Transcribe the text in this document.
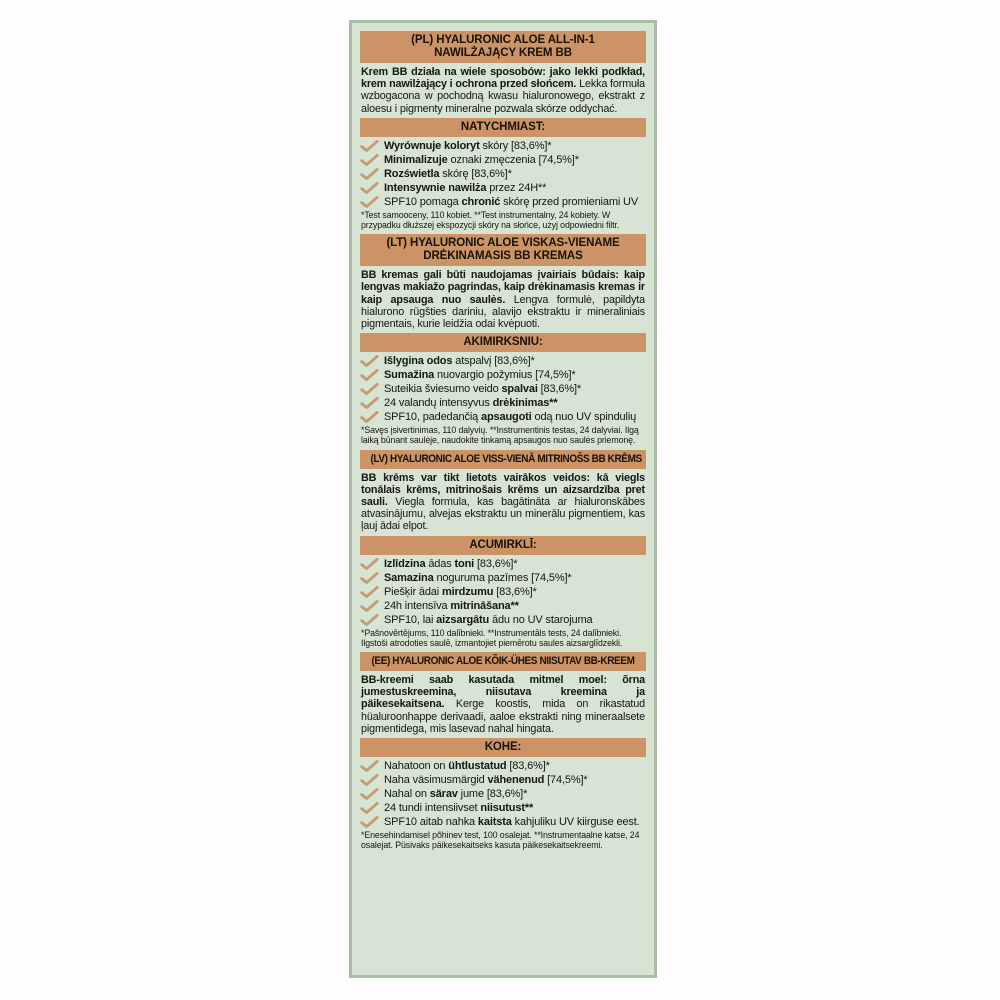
(PL) HYALURONIC ALOE ALL-IN-1
NAWILŻAJĄCY KREM BB

Krem BB działa na wiele sposobów: jako lekki podkład, krem nawilżający i ochrona przed słońcem. Lekka formuła wzbogacona w pochodną kwasu hialuronowego, ekstrakt z aloesu i pigmenty mineralne pozwala skórze oddychać.

NATYCHMIAST:
Wyrównuje koloryt skóry [83,6%]*
Minimalizuje oznaki zmęczenia [74,5%]*
Rozświetla skórę [83,6%]*
Intensywnie nawilża przez 24H**
SPF10 pomaga chronić skórę przed promieniami UV

*Test samooceny, 110 kobiet. **Test instrumentalny, 24 kobiety. W przypadku dłuższej ekspozycji skóry na słońce, użyj odpowiedni filtr.

(LT) HYALURONIC ALOE VISKAS-VIENAME
DRĖKINAMASIS BB KREMAS

BB kremas gali būti naudojamas įvairiais būdais: kaip lengvas makiažo pagrindas, kaip drėkinamasis kremas ir kaip apsauga nuo saulės. Lengva formulė, papildyta hialurono rūgšties dariniu, alavijo ekstraktu ir mineraliniais pigmentais, kurie leidžia odai kvėpuoti.

AKIMIRKSNIU:
Išlygina odos atspalvį [83,6%]*
Sumažina nuovargio požymius [74,5%]*
Suteikia šviesumo veido spalvai [83,6%]*
24 valandų intensyvus drėkinimas**
SPF10, padedančią apsaugoti odą nuo UV spindulių

*Savęs įsivertinimas, 110 dalyvių. **Instrumentinis testas, 24 dalyviai. Ilgą laiką būnant saulėje, naudokite tinkamą apsaugos nuo saulės priemonę.

(LV) HYALURONIC ALOE VISS-VIENĀ MITRINOŠS BB KRĒMS

BB krēms var tikt lietots vairākos veidos: kā viegls tonālais krēms, mitrinošais krēms un aizsardzība pret sauli. Viegla formula, kas bagātināta ar hialuronskābes atvasinājumu, alvejas ekstraktu un minerālu pigmentiem, kas ļauj ādai elpot.

ACUMIRKLĪ:
Izlīdzina ādas toni [83,6%]*
Samazina noguruma pazīmes [74,5%]*
Piešķir ādai mirdzumu [83,6%]*
24h intensīva mitrināšana**
SPF10, lai aizsargātu ādu no UV starojuma

*Pašnovērtējums, 110 dalībnieki. **Instrumentāls tests, 24 dalībnieki. Ilgstoši atrodoties saulē, izmantojiet piemērotu saules aizsarglīdzekli.

(EE) HYALURONIC ALOE KÕIK-ÜHES NIISUTAV BB-KREEM

BB-kreemi saab kasutada mitmel moel: õrna jumestuskreemina, niisutava kreemina ja päikesekaitsena. Kerge koostis, mida on rikastatud hüaluroonhappe derivaadi, aaloe ekstrakti ning mineraalsete pigmentidega, mis lasevad nahal hingata.

KOHE:
Nahatoon on ühtlustatud [83,6%]*
Naha väsimusmärgid vähenenud [74,5%]*
Nahal on särav jume [83,6%]*
24 tundi intensiivset niisutust**
SPF10 aitab nahka kaitsta kahjuliku UV kiirguse eest.

*Enesehindamisel põhinev test, 100 osalejat. **Instrumentaalne katse, 24 osalejat. Püsivaks päikesekaitseks kasuta päikesekaitsekreemi.
